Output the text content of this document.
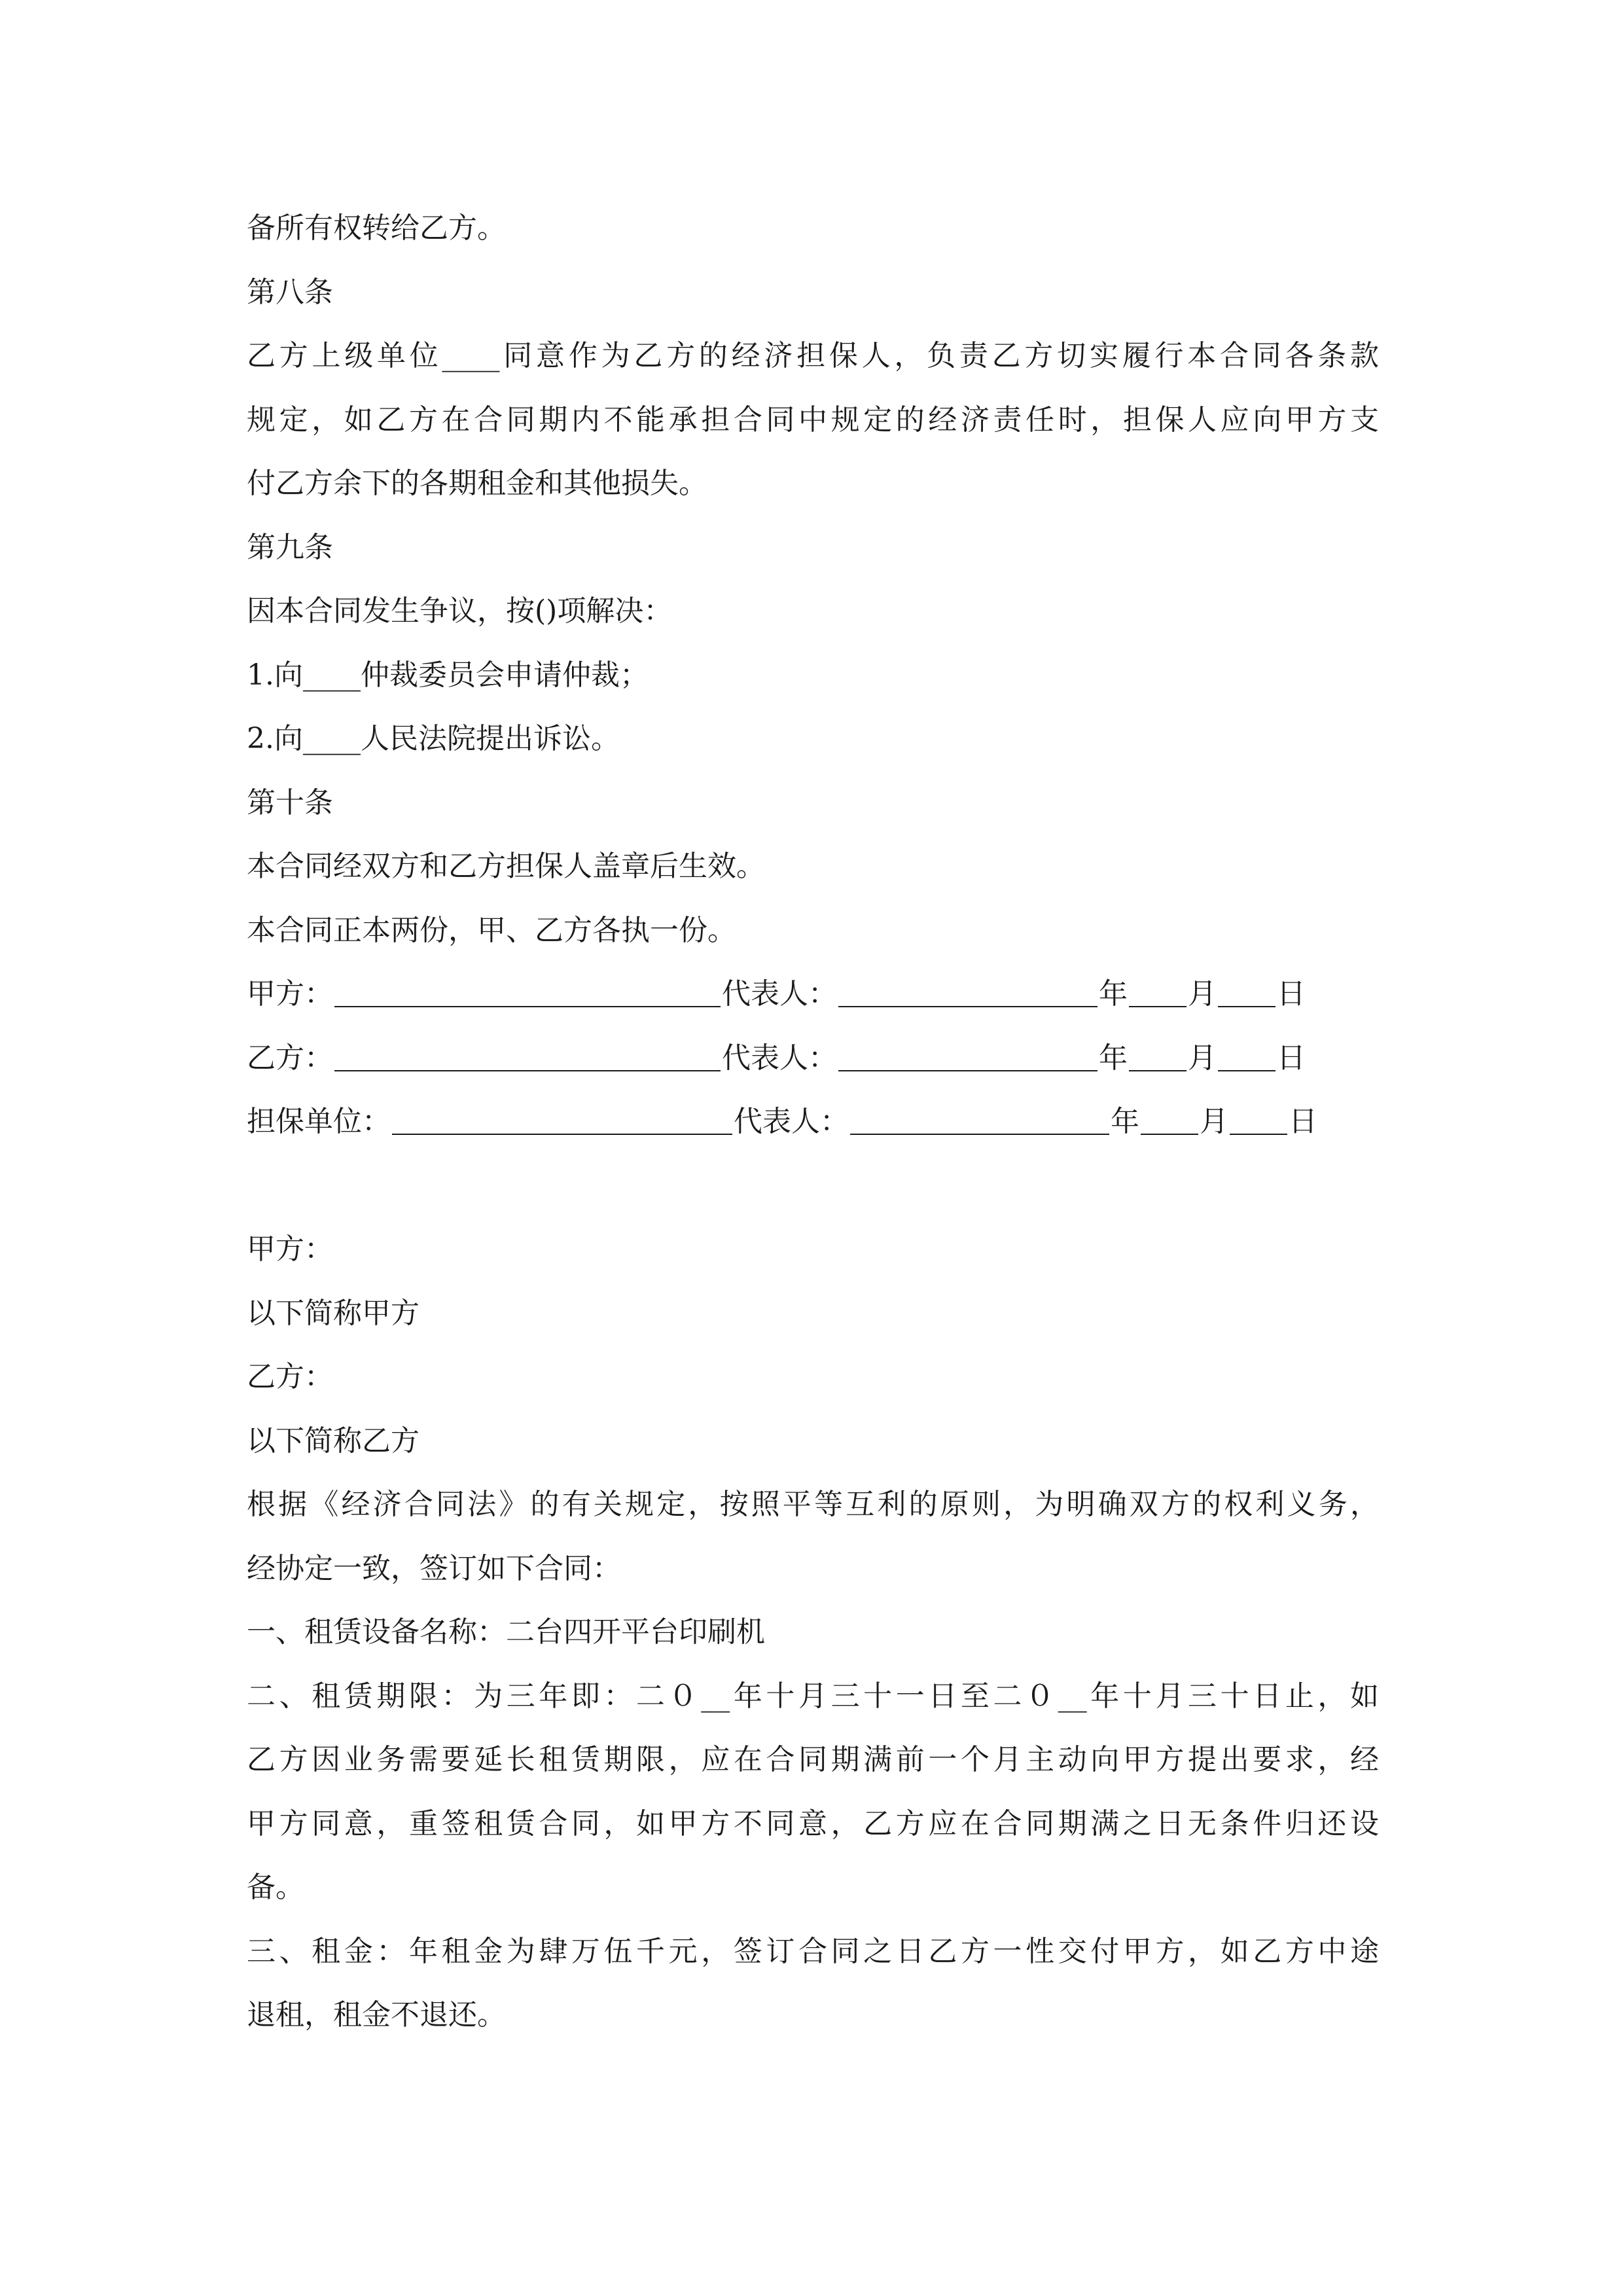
备所有权转给乙方。
第八条
乙方上级单位____同意作为乙方的经济担保人，负责乙方切实履行本合同各条款
规定，如乙方在合同期内不能承担合同中规定的经济责任时，担保人应向甲方支
付乙方余下的各期租金和其他损失。
第九条
因本合同发生争议，按()项解决：
1.向____仲裁委员会申请仲裁；
2.向____人民法院提出诉讼。
第十条
本合同经双方和乙方担保人盖章后生效。
本合同正本两份，甲、乙方各执一份。
甲方：	代表人：	年 月 日
乙方：	代表人：	年 月 日
担保单位：	代表人：	年 月 日
甲方：
以下简称甲方
乙方：
以下简称乙方
根据《经济合同法》的有关规定，按照平等互利的原则，为明确双方的权利义务，
经协定一致，签订如下合同：
一、租赁设备名称：二台四开平台印刷机
二、租赁期限：为三年即：二０__年十月三十一日至二０__年十月三十日止，如
乙方因业务需要延长租赁期限，应在合同期满前一个月主动向甲方提出要求，经
甲方同意，重签租赁合同，如甲方不同意，乙方应在合同期满之日无条件归还设
备。
三、租金：年租金为肆万伍千元，签订合同之日乙方一性交付甲方，如乙方中途
退租，租金不退还。
